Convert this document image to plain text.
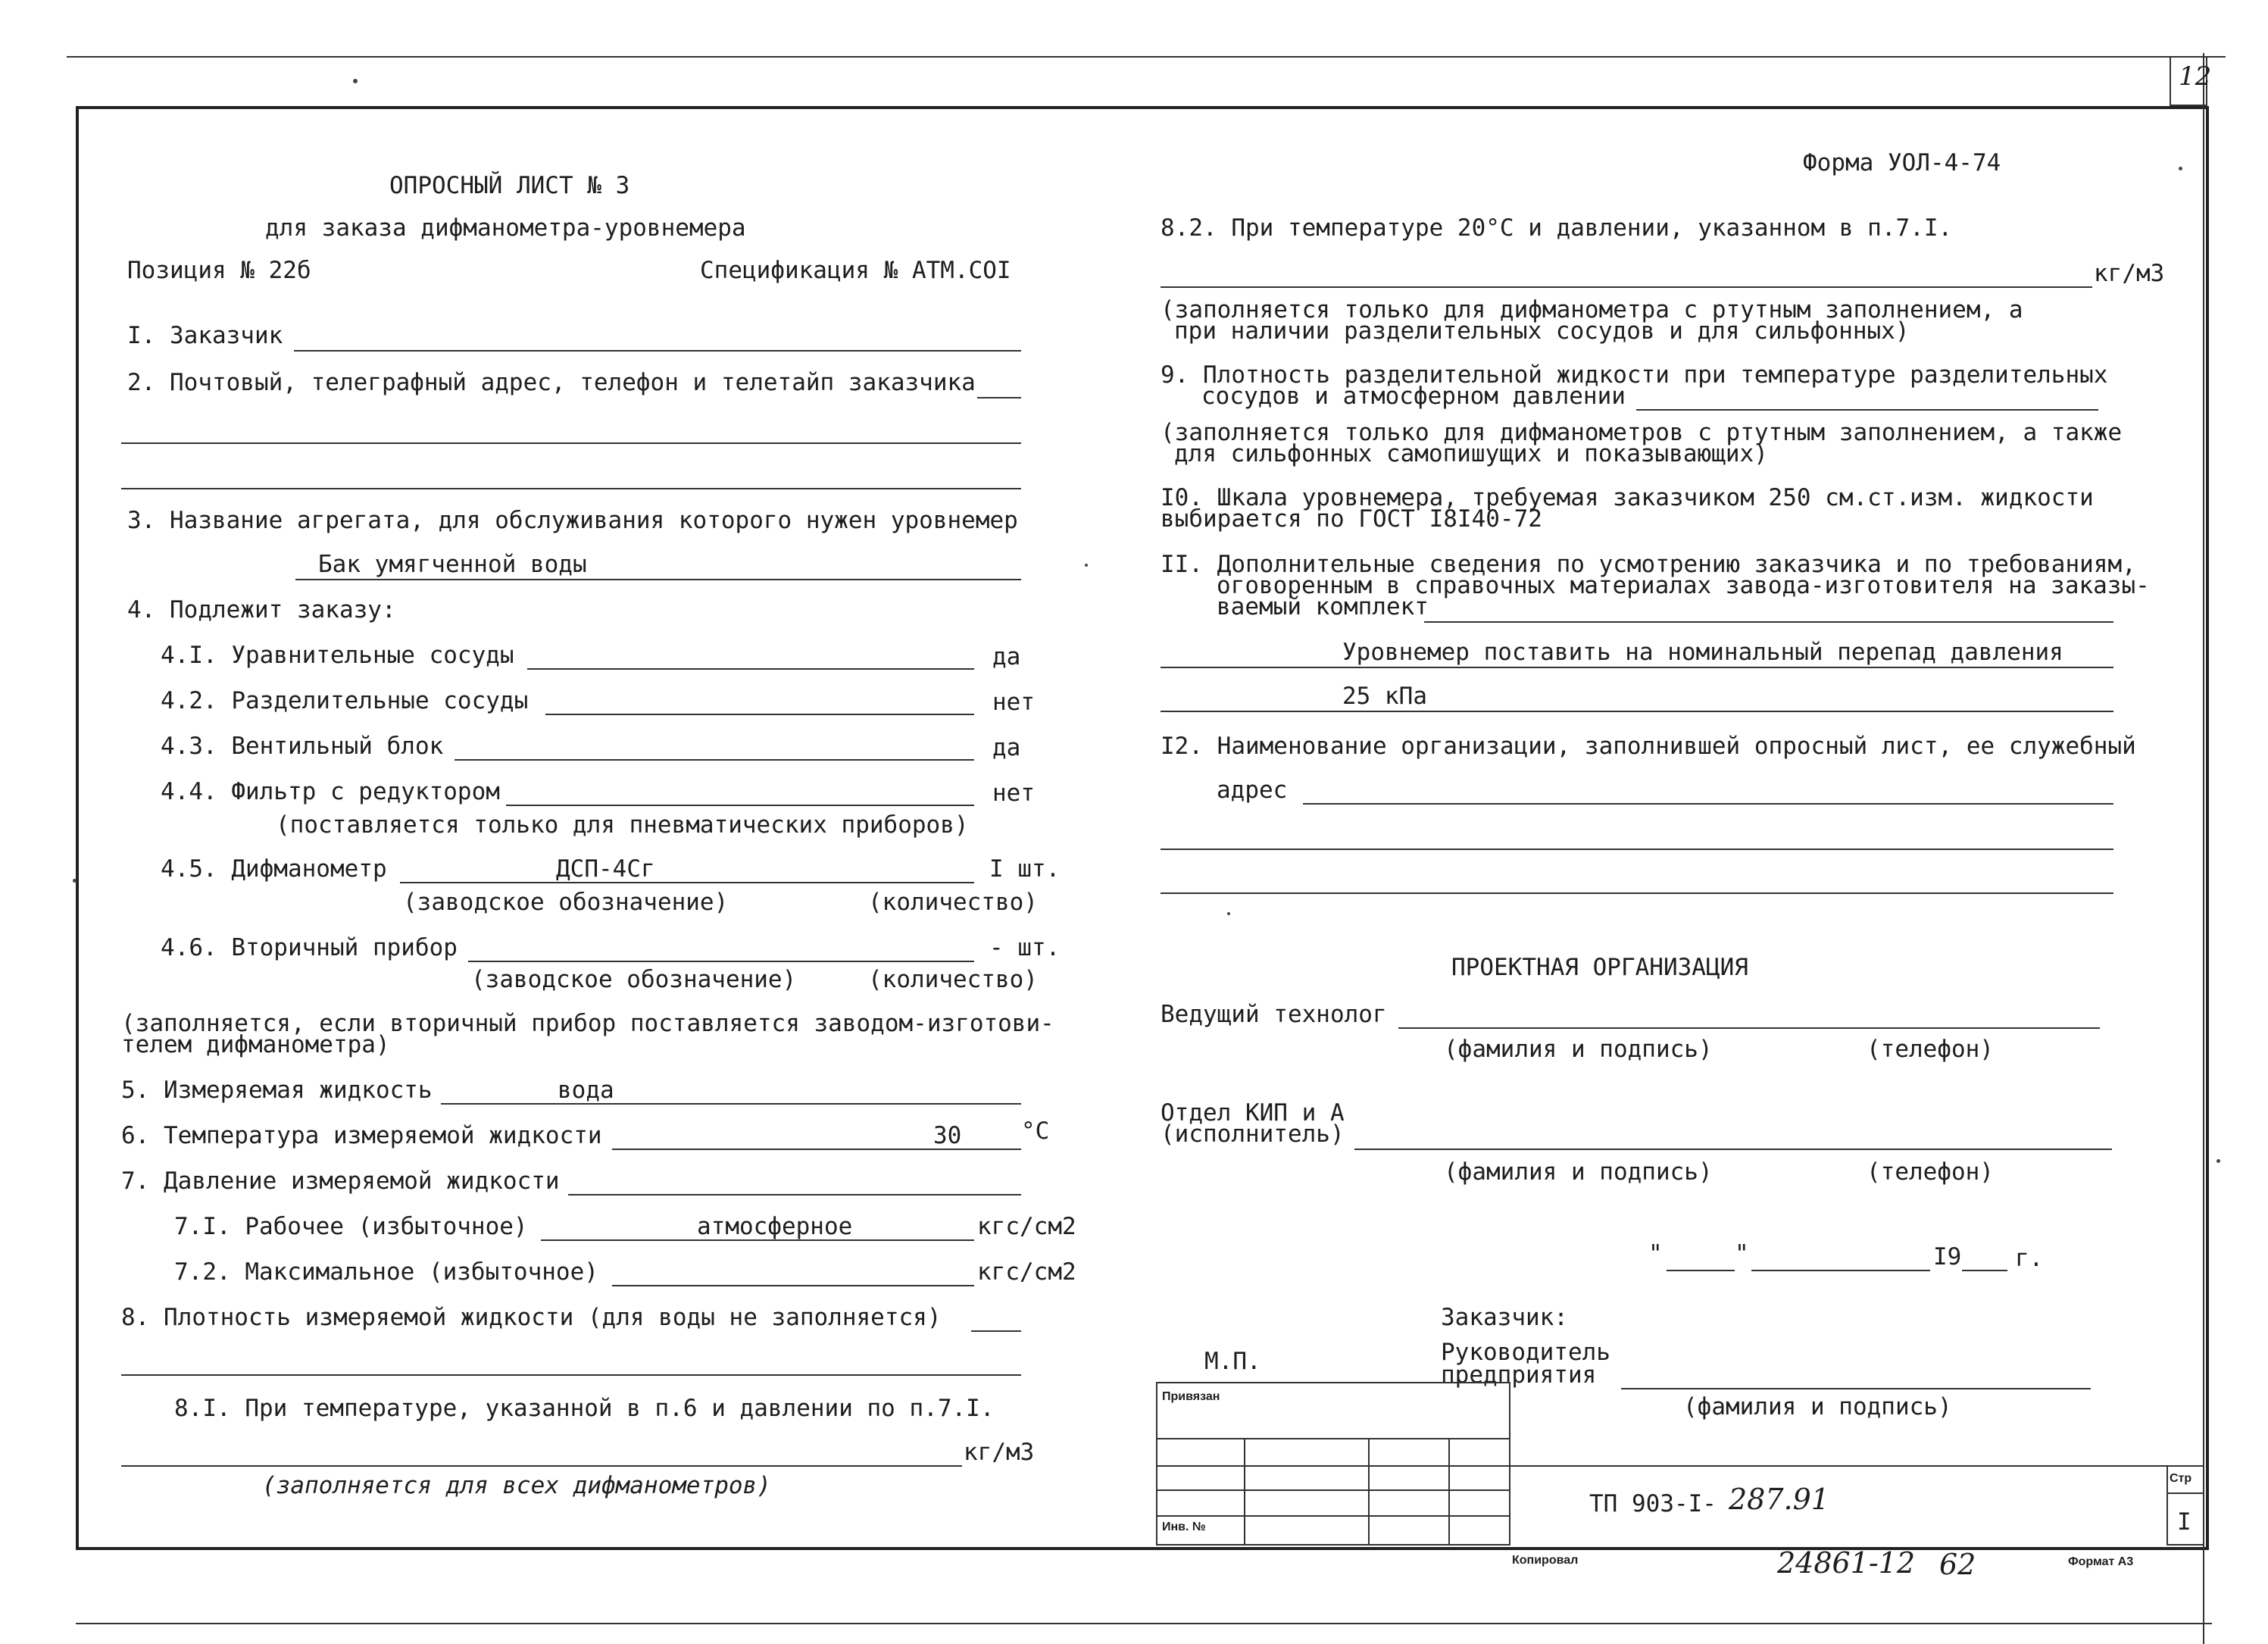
12
Форма УОЛ-4-74
ОПРОСНЫЙ ЛИСТ № 3
для заказа дифманометра-уровнемера
Позиция № 22б	Спецификация № АТМ.СОI
I. Заказчик
2. Почтовый, телеграфный адрес, телефон и телетайп заказчика
3. Название агрегата, для обслуживания которого нужен уровнемер
Бак умягченной воды
4. Подлежит заказу:
4.I. Уравнительные сосуды	да
4.2. Разделительные сосуды	нет
4.3. Вентильный блок	да
4.4. Фильтр с редуктором	нет
(поставляется только для пневматических приборов)
4.5. Дифманометр	ДСП-4Сг	I шт.
(заводское обозначение)	(количество)
4.6. Вторичный прибор	- шт.
(заводское обозначение)	(количество)
(заполняется, если вторичный прибор поставляется заводом-изготови-
телем дифманометра)
5. Измеряемая жидкость	вода
6. Температура измеряемой жидкости	30	°С
7. Давление измеряемой жидкости
7.I. Рабочее (избыточное)	атмосферное	кгс/см2
7.2. Максимальное (избыточное)	кгс/см2
8. Плотность измеряемой жидкости (для воды не заполняется)
8.I. При температуре, указанной в п.6 и давлении по п.7.I.
кг/м3
(заполняется для всех дифманометров)
8.2. При температуре 20°С и давлении, указанном в п.7.I.
кг/м3
(заполняется только для дифманометра с ртутным заполнением, а
при наличии разделительных сосудов и для сильфонных)
9. Плотность разделительной жидкости при температуре разделительных
сосудов и атмосферном давлении
(заполняется только для дифманометров с ртутным заполнением, а также
для сильфонных самопишущих и показывающих)
I0. Шкала уровнемера, требуемая заказчиком 250 см.ст.изм. жидкости
выбирается по ГОСТ I8I40-72
II. Дополнительные сведения по усмотрению заказчика и по требованиям,
оговоренным в справочных материалах завода-изготовителя на заказы-
ваемый комплект
Уровнемер поставить на номинальный перепад давления
25 кПа
I2. Наименование организации, заполнившей опросный лист, ее служебный
адрес
ПРОЕКТНАЯ ОРГАНИЗАЦИЯ
Ведущий технолог
(фамилия и подпись)	(телефон)
Отдел КИП и А
(исполнитель)
(фамилия и подпись)	(телефон)
"	"	I9 г.
Заказчик:
М.П.	Руководитель
предприятия
(фамилия и подпись)
Привязан
Инв. №
ТП 903-I- 287.91
Стр
I
Копировал	24861-12 62	Формат А3
